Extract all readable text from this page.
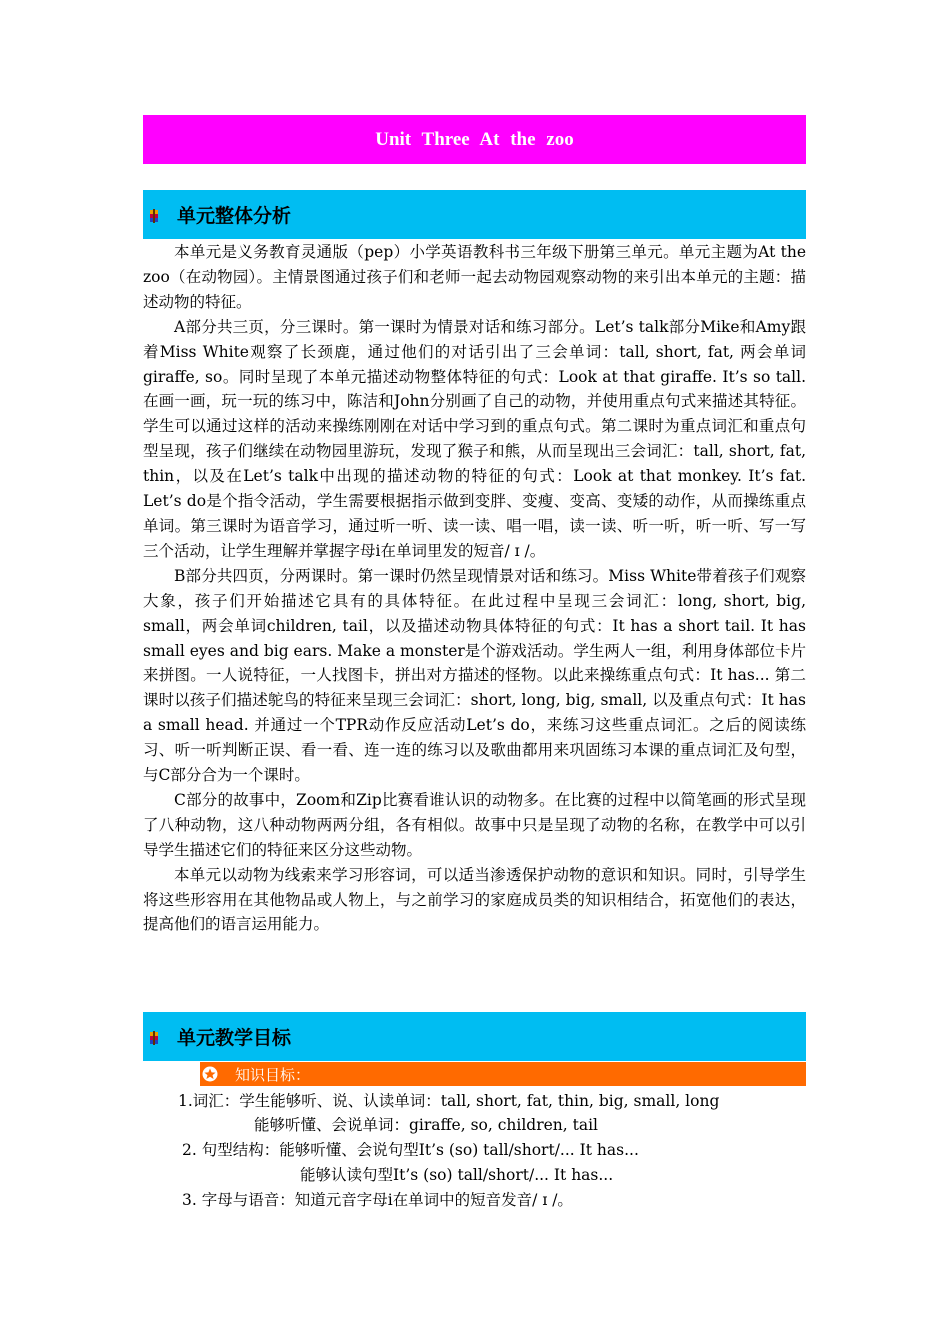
Unit Three At the zoo
单元整体分析

本单元是义务教育灵通版（pep）小学英语教科书三年级下册第三单元。单元主题为At the zoo（在动物园）。主情景图通过孩子们和老师一起去动物园观察动物的来引出本单元的主题：描述动物的特征。

A部分共三页，分三课时。第一课时为情景对话和练习部分。Let’s talk部分Mike和Amy跟着Miss White观察了长颈鹿，通过他们的对话引出了三会单词：tall, short, fat, 两会单词giraffe, so。同时呈现了本单元描述动物整体特征的句式：Look at that giraffe. It’s so tall. 在画一画，玩一玩的练习中，陈洁和John分别画了自己的动物，并使用重点句式来描述其特征。学生可以通过这样的活动来操练刚刚在对话中学习到的重点句式。第二课时为重点词汇和重点句型呈现，孩子们继续在动物园里游玩，发现了猴子和熊，从而呈现出三会词汇：tall, short, fat, thin，以及在Let’s talk中出现的描述动物的特征的句式：Look at that monkey. It’s fat. Let’s do是个指令活动，学生需要根据指示做到变胖、变瘦、变高、变矮的动作，从而操练重点单词。第三课时为语音学习，通过听一听、读一读、唱一唱，读一读、听一听，听一听、写一写三个活动，让学生理解并掌握字母i在单词里发的短音/ ɪ /。

B部分共四页，分两课时。第一课时仍然呈现情景对话和练习。Miss White带着孩子们观察大象，孩子们开始描述它具有的具体特征。在此过程中呈现三会词汇：long, short, big, small，两会单词children, tail，以及描述动物具体特征的句式：It has a short tail. It has small eyes and big ears. Make a monster是个游戏活动。学生两人一组，利用身体部位卡片来拼图。一人说特征，一人找图卡，拼出对方描述的怪物。以此来操练重点句式：It has... 第二课时以孩子们描述鸵鸟的特征来呈现三会词汇：short, long, big, small, 以及重点句式：It has a small head. 并通过一个TPR动作反应活动Let’s do，来练习这些重点词汇。之后的阅读练习、听一听判断正误、看一看、连一连的练习以及歌曲都用来巩固练习本课的重点词汇及句型，与C部分合为一个课时。

C部分的故事中，Zoom和Zip比赛看谁认识的动物多。在比赛的过程中以简笔画的形式呈现了八种动物，这八种动物两两分组，各有相似。故事中只是呈现了动物的名称，在教学中可以引导学生描述它们的特征来区分这些动物。

本单元以动物为线索来学习形容词，可以适当渗透保护动物的意识和知识。同时，引导学生将这些形容用在其他物品或人物上，与之前学习的家庭成员类的知识相结合，拓宽他们的表达，提高他们的语言运用能力。

单元教学目标
知识目标：
1.词汇：学生能够听、说、认读单词：tall, short, fat, thin, big, small, long
能够听懂、会说单词：giraffe, so, children, tail
2. 句型结构：能够听懂、会说句型It’s (so) tall/short/... It has...
能够认读句型It’s (so) tall/short/... It has...
3. 字母与语音：知道元音字母i在单词中的短音发音/ ɪ /。
